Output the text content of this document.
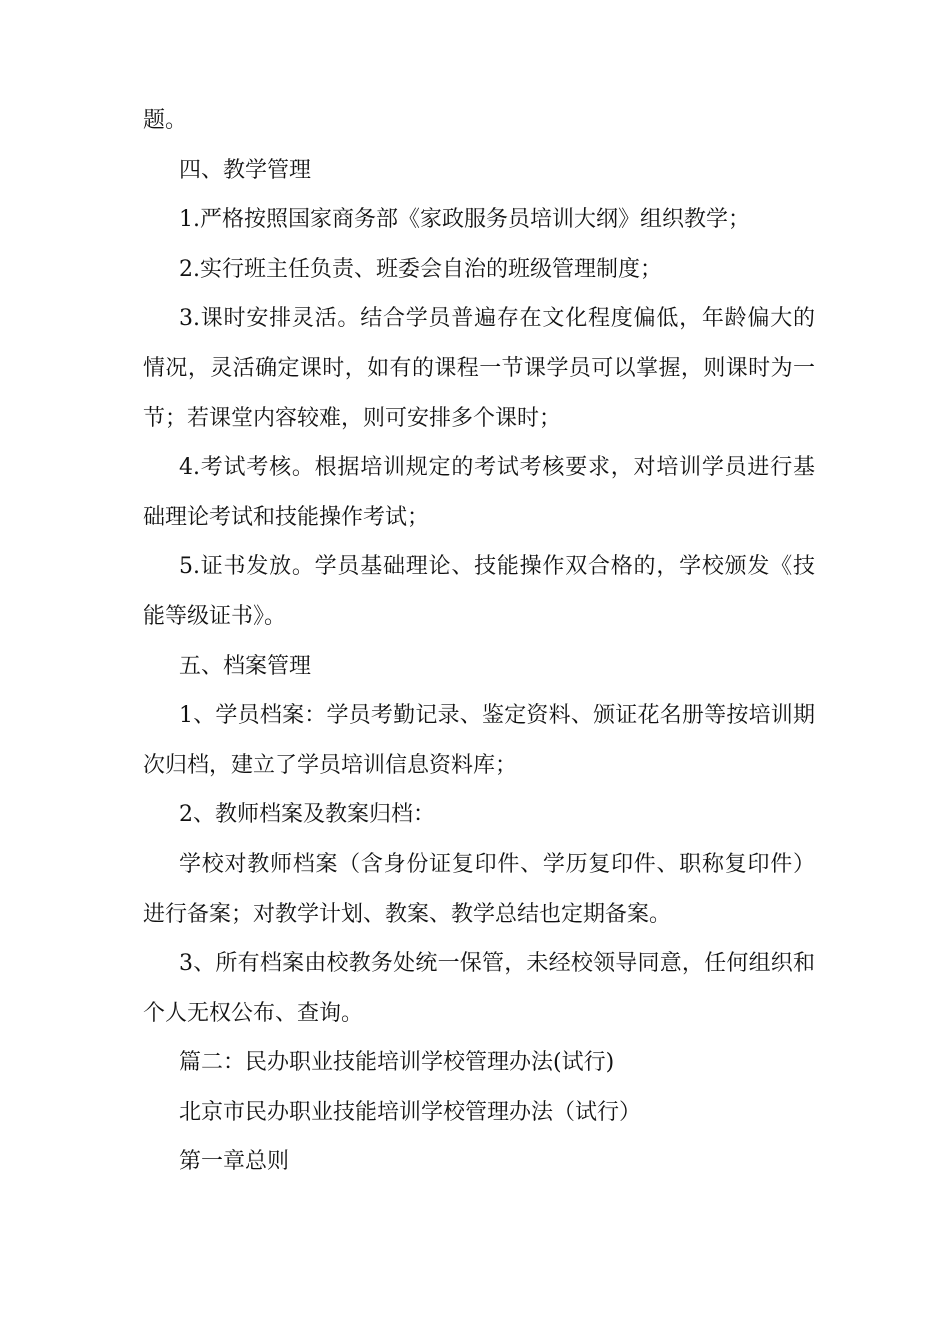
题。
四、教学管理
1.严格按照国家商务部《家政服务员培训大纲》组织教学；
2.实行班主任负责、班委会自治的班级管理制度；
3.课时安排灵活。结合学员普遍存在文化程度偏低，年龄偏大的
情况，灵活确定课时，如有的课程一节课学员可以掌握，则课时为一
节；若课堂内容较难，则可安排多个课时；
4.考试考核。根据培训规定的考试考核要求，对培训学员进行基
础理论考试和技能操作考试；
5.证书发放。学员基础理论、技能操作双合格的，学校颁发《技
能等级证书》。
五、档案管理
1、学员档案：学员考勤记录、鉴定资料、颁证花名册等按培训期
次归档，建立了学员培训信息资料库；
2、教师档案及教案归档：
学校对教师档案（含身份证复印件、学历复印件、职称复印件）
进行备案；对教学计划、教案、教学总结也定期备案。
3、所有档案由校教务处统一保管，未经校领导同意，任何组织和
个人无权公布、查询。
篇二：民办职业技能培训学校管理办法(试行)
北京市民办职业技能培训学校管理办法（试行）
第一章总则
